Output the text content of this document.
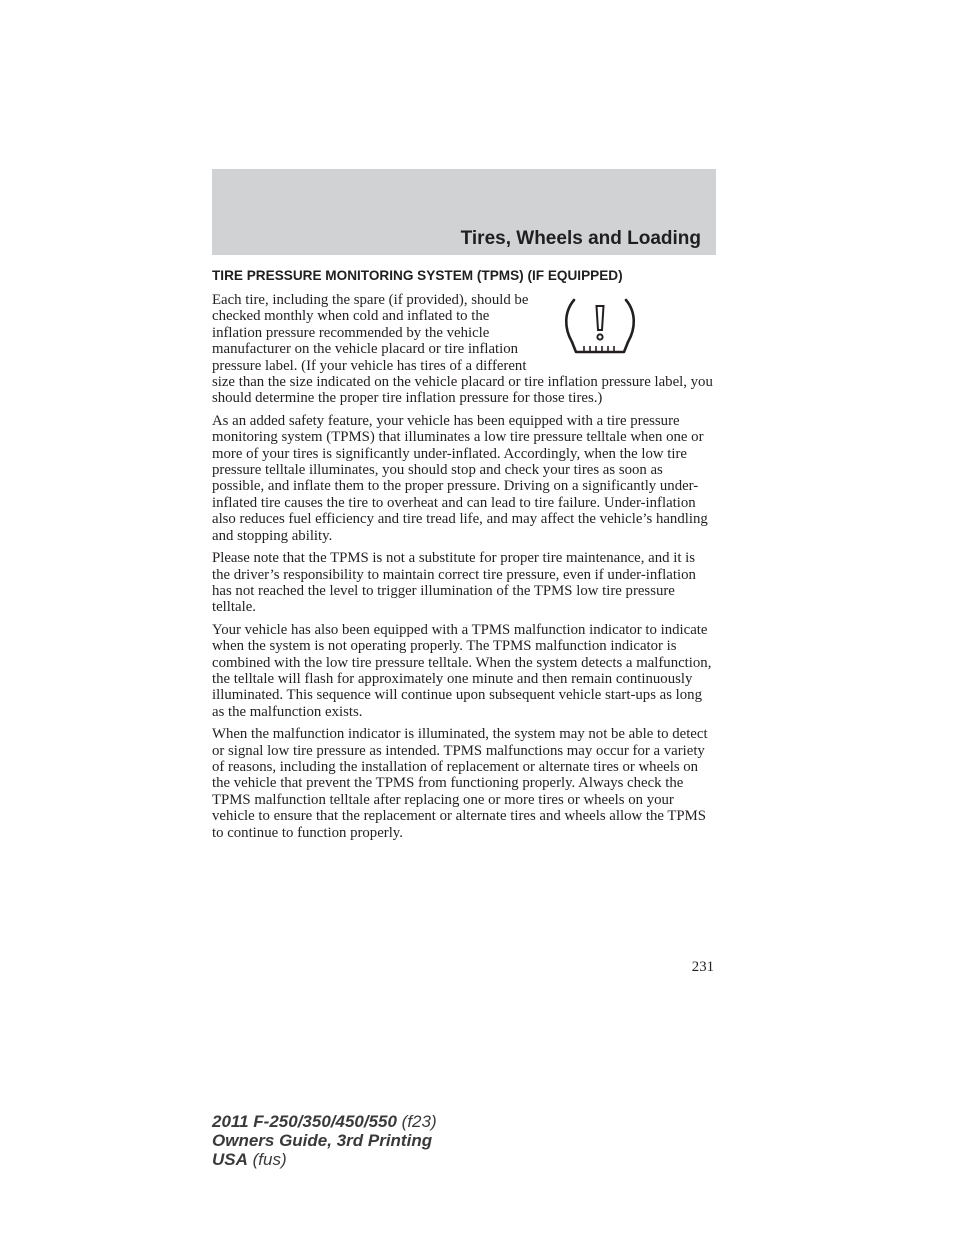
Tires, Wheels and Loading
TIRE PRESSURE MONITORING SYSTEM (TPMS) (IF EQUIPPED)

Each tire, including the spare (if provided), should be checked monthly when cold and inflated to the inflation pressure recommended by the vehicle manufacturer on the vehicle placard or tire inflation pressure label. (If your vehicle has tires of a different size than the size indicated on the vehicle placard or tire inflation pressure label, you should determine the proper tire inflation pressure for those tires.)

As an added safety feature, your vehicle has been equipped with a tire pressure monitoring system (TPMS) that illuminates a low tire pressure telltale when one or more of your tires is significantly under-inflated. Accordingly, when the low tire pressure telltale illuminates, you should stop and check your tires as soon as possible, and inflate them to the proper pressure. Driving on a significantly under-inflated tire causes the tire to overheat and can lead to tire failure. Under-inflation also reduces fuel efficiency and tire tread life, and may affect the vehicle’s handling and stopping ability.

Please note that the TPMS is not a substitute for proper tire maintenance, and it is the driver’s responsibility to maintain correct tire pressure, even if under-inflation has not reached the level to trigger illumination of the TPMS low tire pressure telltale.

Your vehicle has also been equipped with a TPMS malfunction indicator to indicate when the system is not operating properly. The TPMS malfunction indicator is combined with the low tire pressure telltale. When the system detects a malfunction, the telltale will flash for approximately one minute and then remain continuously illuminated. This sequence will continue upon subsequent vehicle start-ups as long as the malfunction exists.

When the malfunction indicator is illuminated, the system may not be able to detect or signal low tire pressure as intended. TPMS malfunctions may occur for a variety of reasons, including the installation of replacement or alternate tires or wheels on the vehicle that prevent the TPMS from functioning properly. Always check the TPMS malfunction telltale after replacing one or more tires or wheels on your vehicle to ensure that the replacement or alternate tires and wheels allow the TPMS to continue to function properly.

231
2011 F-250/350/450/550 (f23)
Owners Guide, 3rd Printing
USA (fus)
